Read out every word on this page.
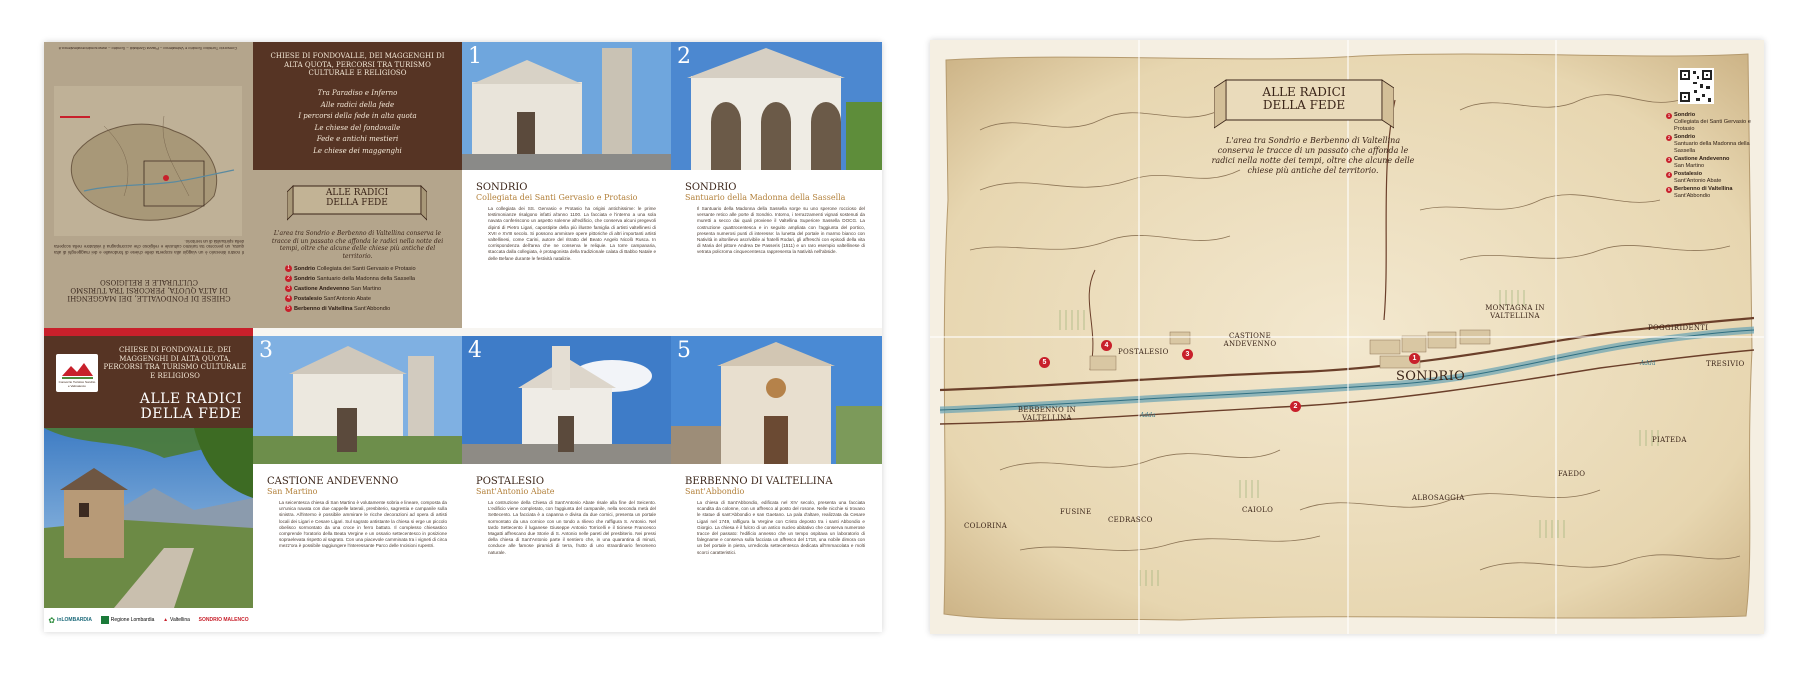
Consorzio Turistico Sondrio e Valmalenco – Piazza Garibaldi – Sondrio – www.sondrioevalmalenco.it
Il nostro itinerario è un viaggio alla scoperta delle chiese di fondovalle e dei maggenghi di alta quota, un percorso tra turismo culturale e religioso che accompagna il visitatore nella scoperta della spiritualità di un territorio.
CHIESE DI FONDOVALLE, DEI MAGGENGHI DI ALTA QUOTA, PERCORSI TRA TURISMO CULTURALE E RELIGIOSO
Consorzio Turistico Sondrio e Valmalenco
CHIESE DI FONDOVALLE, DEI MAGGENGHI DI ALTA QUOTA, PERCORSI TRA TURISMO CULTURALE E RELIGIOSO
ALLE RADICI
DELLA FEDE
✿ inLOMBARDIA	Regione Lombardia ▲ Valtellina SONDRIO MALENCO
CHIESE DI FONDOVALLE, DEI MAGGENGHI DI ALTA QUOTA, PERCORSI TRA TURISMO CULTURALE E RELIGIOSO
Tra Paradiso e Inferno
Alle radici della fede
I percorsi della fede in alta quota
Le chiese del fondovalle
Fede e antichi mestieri
Le chiese dei maggenghi
ALLE RADICI
DELLA FEDE
L'area tra Sondrio e Berbenno di Valtellina conserva le tracce di un passato che affonda le radici nella notte dei tempi, oltre che alcune delle chiese più antiche del territorio.
1 Sondrio Collegiata dei Santi Gervasio e Protasio
2 Sondrio Santuario della Madonna della Sassella
3 Castione Andevenno San Martino
4 Postalesio Sant'Antonio Abate
5 Berbenno di Valtellina Sant'Abbondio
1
SONDRIO
Collegiata dei Santi Gervasio e Protasio
La collegiata dei SS. Gervasio e Protasio ha origini antichissime: le prime testimonianze risalgono infatti al'anno 1100. La facciata e l'interno a una sola navata conferiscono un aspetto solenne all'edificio, che conserva alcuni pregevoli dipinti di Pietro Ligari, capostipite della più illustre famiglia di artisti valtellinesi di XVII e XVIII secolo. Si possono ammirare opere pittoriche di altri importanti artisti valtellinesi, come Carini, autore del ritratto del Beato Angelo Nicolò Rusca. In corrispondenza dell'area che ne conserva le reliquie. La torre campanaria, staccata dalla collegiata, è protagonista della tradizionale calata di Babbo Natale e delle Befane durante le festività natalizie.
2
SONDRIO
Santuario della Madonna della Sassella
Il Santuario della Madonna della Sassella sorge su uno sperone roccioso del versante retico alle porte di Sondrio. Intorno, i terrazzamenti vignati sostenuti da muretti a secco dai quali proviene il Valtellina Superiore Sassella DOCG. La costruzione quattrocentesca e in seguito ampliata con l'aggiunta del portico, presenta numerosi punti di interesse: la lunetta del portale in marmo bianco con Natività in altorilievo ascrivibile ai fratelli Rodari, gli affreschi con episodi della vita di Maria del pittore Andrea De Passeris (1511) e un raro esempio valtellinese di vetrata policroma cinquecentesca rappresenta la Natività nell'abside.
3
CASTIONE ANDEVENNO
San Martino
La seicentesca chiesa di San Martino è volutamente sobria e lineare, composta da un'unica navata con due cappelle laterali, presbiterio, sagrestia e campanile sulla sinistra. All'interno è possibile ammirare le ricche decorazioni ad opera di artisti locali dei Ligari e Cesare Ligari. Sul sagrato antistante la chiesa si erge un piccolo obelisco sormontato da una croce in ferro battuto. Il complesso chiesastico comprende l'oratorio della Beata Vergine e un ossario settecentesco in posizione sopraelevata rispetto al sagrato. Con una piacevole camminata tra i vigneti di circa mezz'ora è possibile raggiungere l'interessante Parco delle Incisioni rupestri.
4
POSTALESIO
Sant'Antonio Abate
La costruzione della Chiesa di Sant'Antonio Abate risale alla fine del Seicento. L'edificio viene completato, con l'aggiunta del campanile, nella seconda metà del Settecento. La facciata è a capanna e divisa da due cornici, presenta un portale sormontato da una cornice con un tondo a rilievo che raffigura S. Antonio. Nel tardo Settecento il luganese Giuseppe Antonio Torricelli e il ticinese Francesco Magatti affrescano due Storie di S. Antonio nelle pareti del presbiterio. Nei pressi della chiesa di Sant'Antonio parte il sentiero che, in una quarantina di minuti, conduce alle famose piramidi di terra, frutto di uno straordinario fenomeno naturale.
5
BERBENNO DI VALTELLINA
Sant'Abbondio
La chiesa di Sant'Abbondio, edificata nel XIV secolo, presenta una facciata scandita da colonne, con un affresco al posto del rosone. Nelle nicchie si trovano le statue di sant'Abbondio e san Gaetano. La pala d'altare, realizzata da Cesare Ligari nel 1749, raffigura la Vergine con Cristo deposto tra i santi Abbondio e Giorgio. La chiesa è il fulcro di un antico nucleo abitativo che conserva numerose tracce del passato: l'edificio annesso che un tempo ospitava un laboratorio di falegname e conserva sulla facciata un affresco del 1718, una nobile dimora con un bel portale in pietra, un'edicola settecentesca dedicata all'Immacolata e molti scorci caratteristici.
ALLE RADICI
DELLA FEDE
L'area tra Sondrio e Berbenno di Valtellina conserva le tracce di un passato che affonda le radici nella notte dei tempi, oltre che alcune delle chiese più antiche del territorio.
1 Sondrio
Collegiata dei Santi Gervasio e Protasio
2 Sondrio
Santuario della Madonna della Sassella
3 Castione Andevenno
San Martino
4 Postalesio
Sant'Antonio Abate
5 Berbenno di Valtellina
Sant'Abbondio
SONDRIO
CASTIONE ANDEVENNO
POSTALESIO
BERBENNO IN VALTELLINA
MONTAGNA IN VALTELLINA
POGGIRIDENTI
TRESIVIO
PIATEDA
FAEDO
ALBOSAGGIA
CAIOLO
CEDRASCO
FUSINE
COLORINA
Adda
Adda
1
2
3
4
5
